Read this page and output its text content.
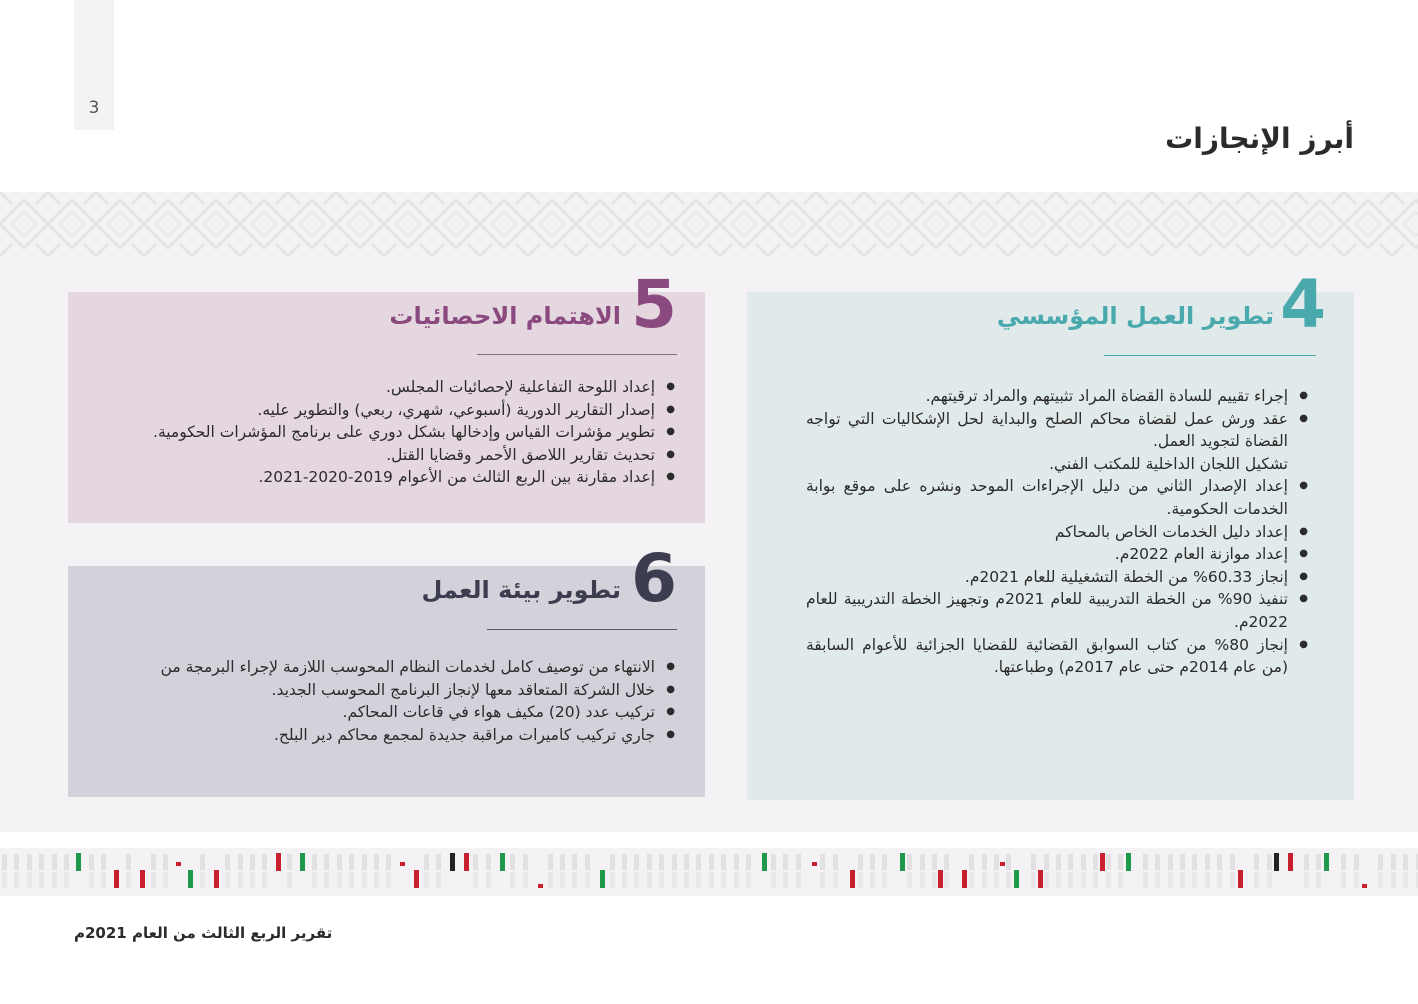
3
أبرز الإنجازات
4
تطوير العمل المؤسسي
● إجراء تقييم للسادة القضاة المراد تثبيتهم والمراد ترقيتهم.
● عقد ورش عمل لقضاة محاكم الصلح والبداية لحل الإشكاليات التي تواجه القضاة لتجويد العمل.
تشكيل اللجان الداخلية للمكتب الفني.
● إعداد الإصدار الثاني من دليل الإجراءات الموحد ونشره على موقع بوابة الخدمات الحكومية.
● إعداد دليل الخدمات الخاص بالمحاكم
● إعداد موازنة العام 2022م.
● إنجاز 60.33% من الخطة التشغيلية للعام 2021م.
● تنفيذ 90% من الخطة التدريبية للعام 2021م وتجهيز الخطة التدريبية للعام 2022م.
● إنجاز 80% من كتاب السوابق القضائية للقضايا الجزائية للأعوام السابقة (من عام 2014م حتى عام 2017م) وطباعتها.
5
الاهتمام الاحصائيات
● إعداد اللوحة التفاعلية لإحصائيات المجلس.
● إصدار التقارير الدورية (أسبوعي، شهري، ربعي) والتطوير عليه.
● تطوير مؤشرات القياس وإدخالها بشكل دوري على برنامج المؤشرات الحكومية.
● تحديث تقارير اللاصق الأحمر وقضايا القتل.
● إعداد مقارنة بين الربع الثالث من الأعوام 2019-2020-2021.
6
تطوير بيئة العمل
● الانتهاء من توصيف كامل لخدمات النظام المحوسب اللازمة لإجراء البرمجة من
● خلال الشركة المتعاقد معها لإنجاز البرنامج المحوسب الجديد.
● تركيب عدد (20) مكيف هواء في قاعات المحاكم.
● جاري تركيب كاميرات مراقبة جديدة لمجمع محاكم دير البلح.
تقرير الربع الثالث من العام 2021م
